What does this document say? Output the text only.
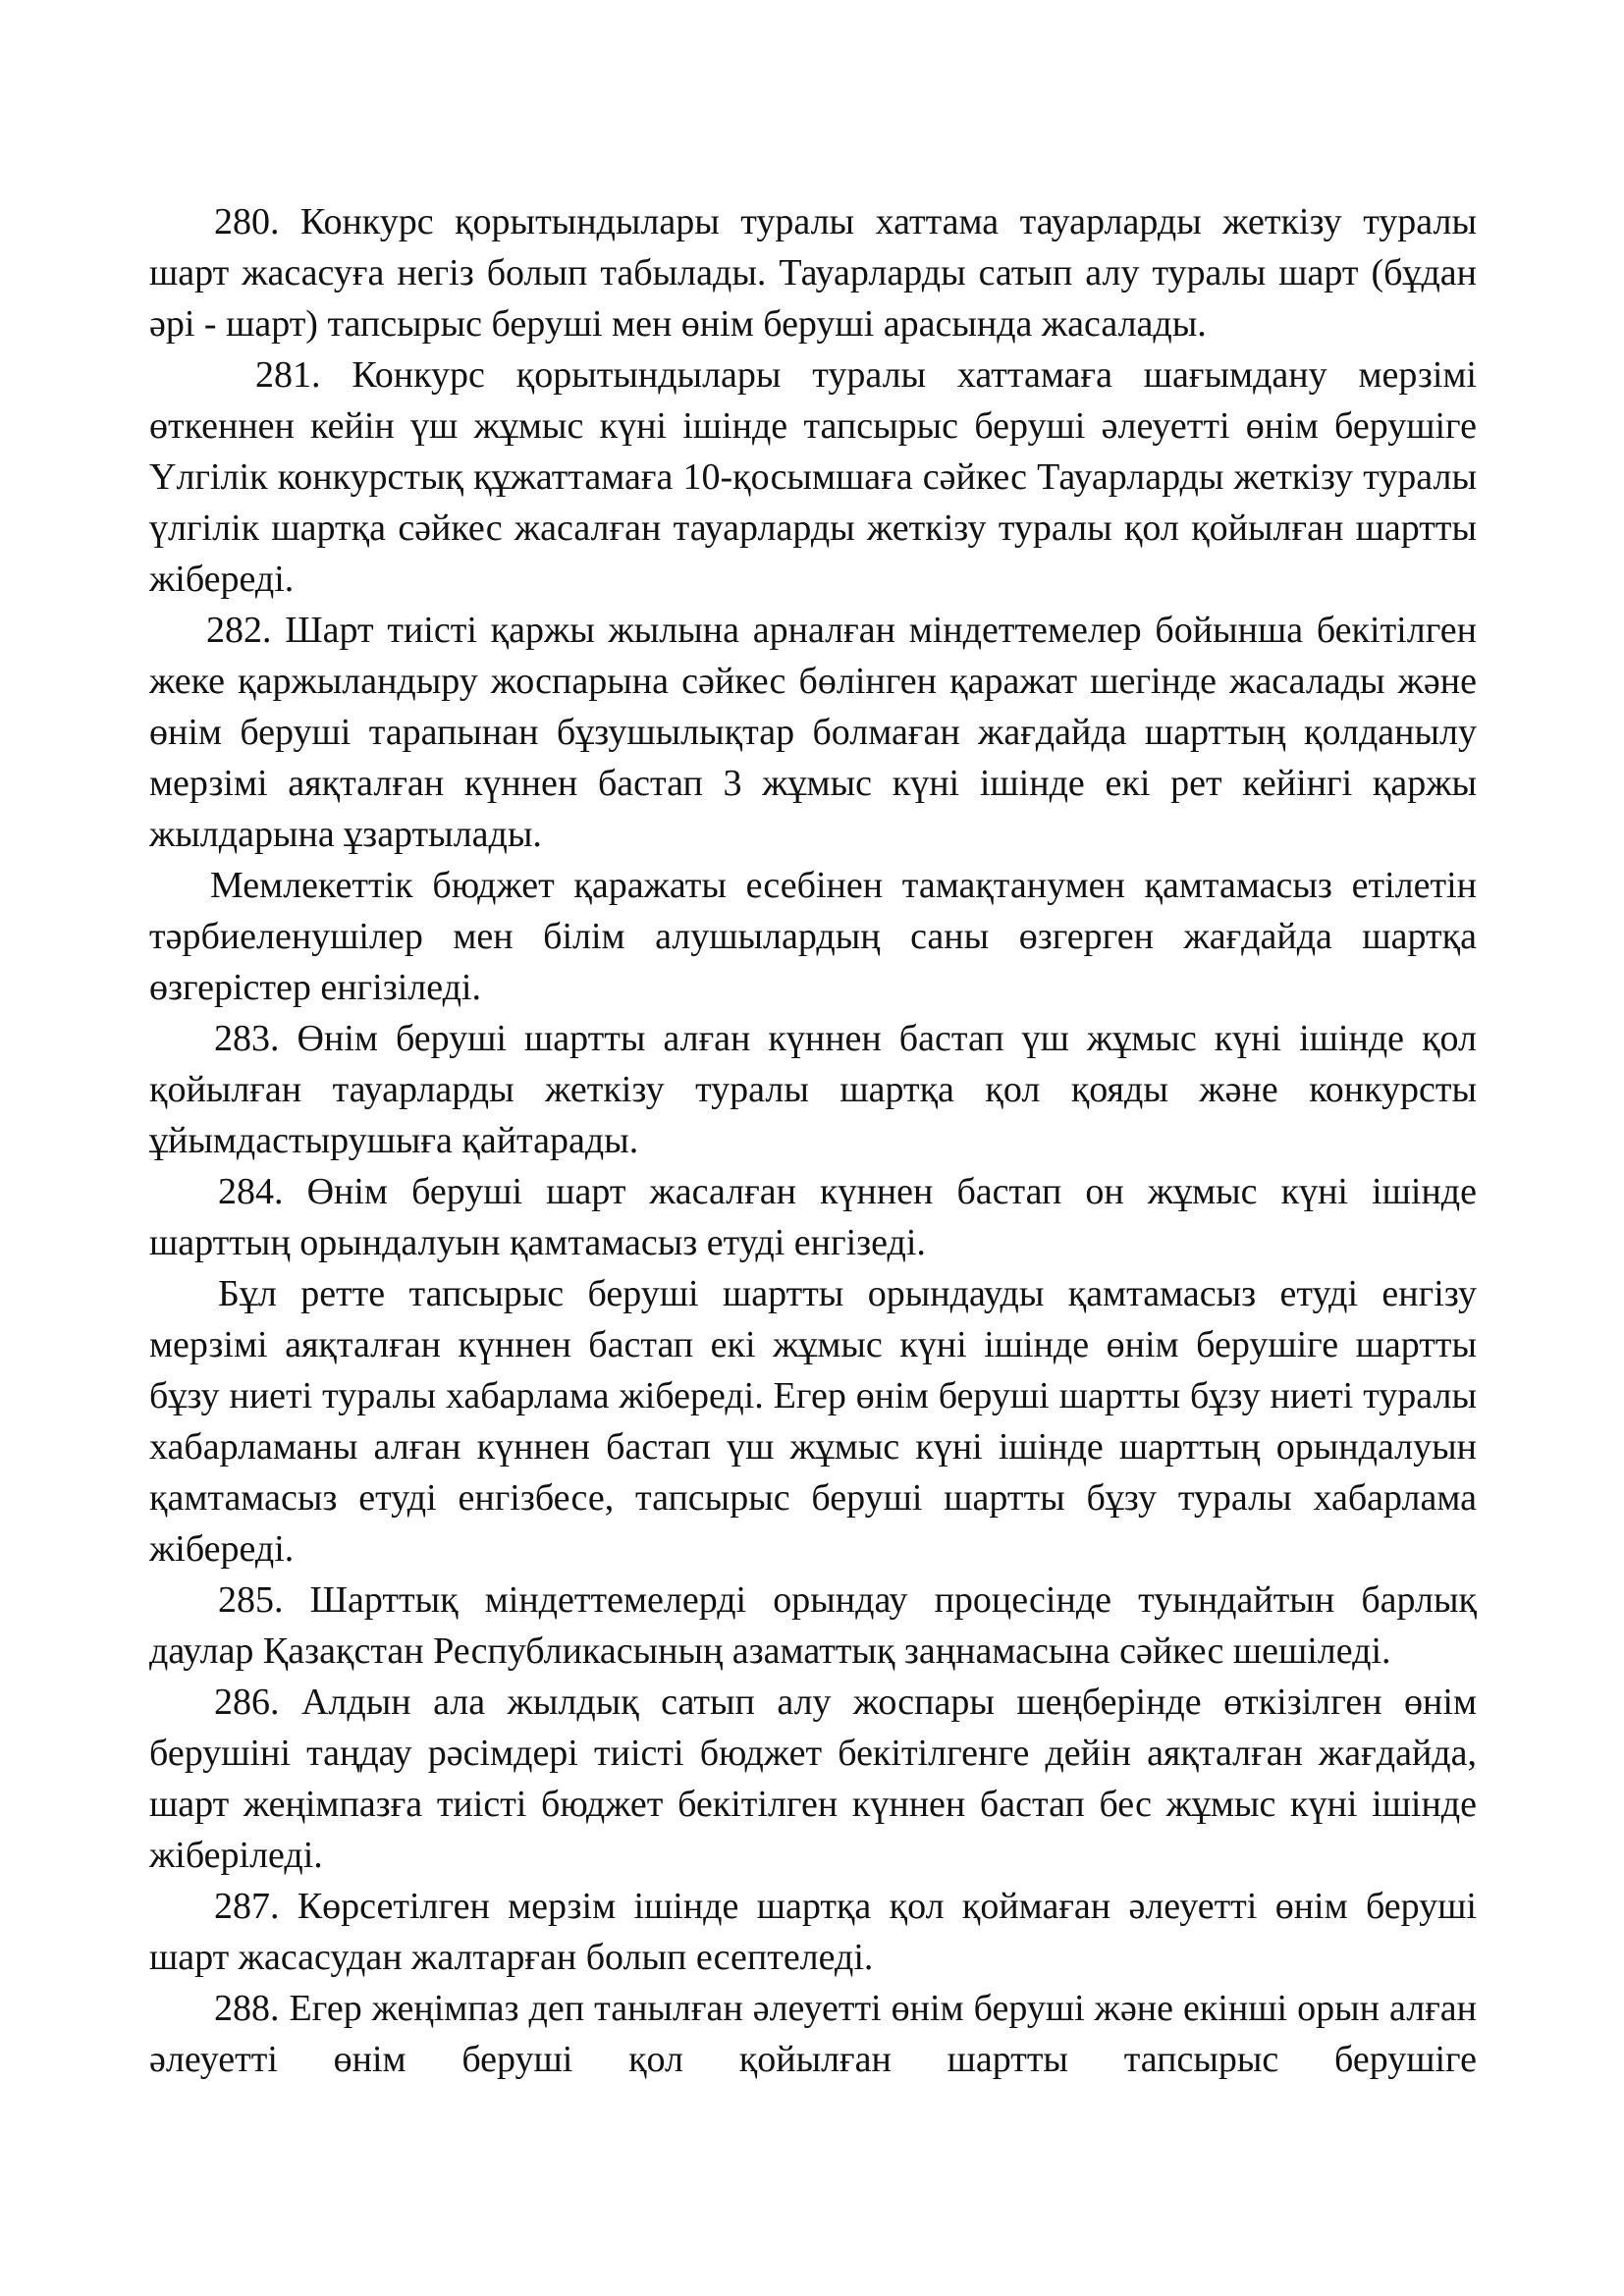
280. Конкурс қорытындылары туралы хаттама тауарларды жеткізу туралы шарт жасасуға негіз болып табылады. Тауарларды сатып алу туралы шарт (бұдан әрі - шарт) тапсырыс беруші мен өнім беруші арасында жасалады.

281. Конкурс қорытындылары туралы хаттамаға шағымдану мерзімі өткеннен кейін үш жұмыс күні ішінде тапсырыс беруші әлеуетті өнім берушіге Үлгілік конкурстық құжаттамаға 10-қосымшаға сәйкес Тауарларды жеткізу туралы үлгілік шартқа сәйкес жасалған тауарларды жеткізу туралы қол қойылған шартты жібереді.

282. Шарт тиісті қаржы жылына арналған міндеттемелер бойынша бекітілген жеке қаржыландыру жоспарына сәйкес бөлінген қаражат шегінде жасалады және өнім беруші тарапынан бұзушылықтар болмаған жағдайда шарттың қолданылу мерзімі аяқталған күннен бастап 3 жұмыс күні ішінде екі рет кейінгі қаржы жылдарына ұзартылады.

Мемлекеттік бюджет қаражаты есебінен тамақтанумен қамтамасыз етілетін тәрбиеленушілер мен білім алушылардың саны өзгерген жағдайда шартқа өзгерістер енгізіледі.

283. Өнім беруші шартты алған күннен бастап үш жұмыс күні ішінде қол қойылған тауарларды жеткізу туралы шартқа қол қояды және конкурсты ұйымдастырушыға қайтарады.

284. Өнім беруші шарт жасалған күннен бастап он жұмыс күні ішінде шарттың орындалуын қамтамасыз етуді енгізеді.

Бұл ретте тапсырыс беруші шартты орындауды қамтамасыз етуді енгізу мерзімі аяқталған күннен бастап екі жұмыс күні ішінде өнім берушіге шартты бұзу ниеті туралы хабарлама жібереді. Егер өнім беруші шартты бұзу ниеті туралы хабарламаны алған күннен бастап үш жұмыс күні ішінде шарттың орындалуын қамтамасыз етуді енгізбесе, тапсырыс беруші шартты бұзу туралы хабарлама жібереді.

285. Шарттық міндеттемелерді орындау процесінде туындайтын барлық даулар Қазақстан Республикасының азаматтық заңнамасына сәйкес шешіледі.

286. Алдын ала жылдық сатып алу жоспары шеңберінде өткізілген өнім берушіні таңдау рәсімдері тиісті бюджет бекітілгенге дейін аяқталған жағдайда, шарт жеңімпазға тиісті бюджет бекітілген күннен бастап бес жұмыс күні ішінде жіберіледі.

287. Көрсетілген мерзім ішінде шартқа қол қоймаған әлеуетті өнім беруші шарт жасасудан жалтарған болып есептеледі.

288. Егер жеңімпаз деп танылған әлеуетті өнім беруші және екінші орын алған әлеуетті өнім беруші қол қойылған шартты тапсырыс берушіге
